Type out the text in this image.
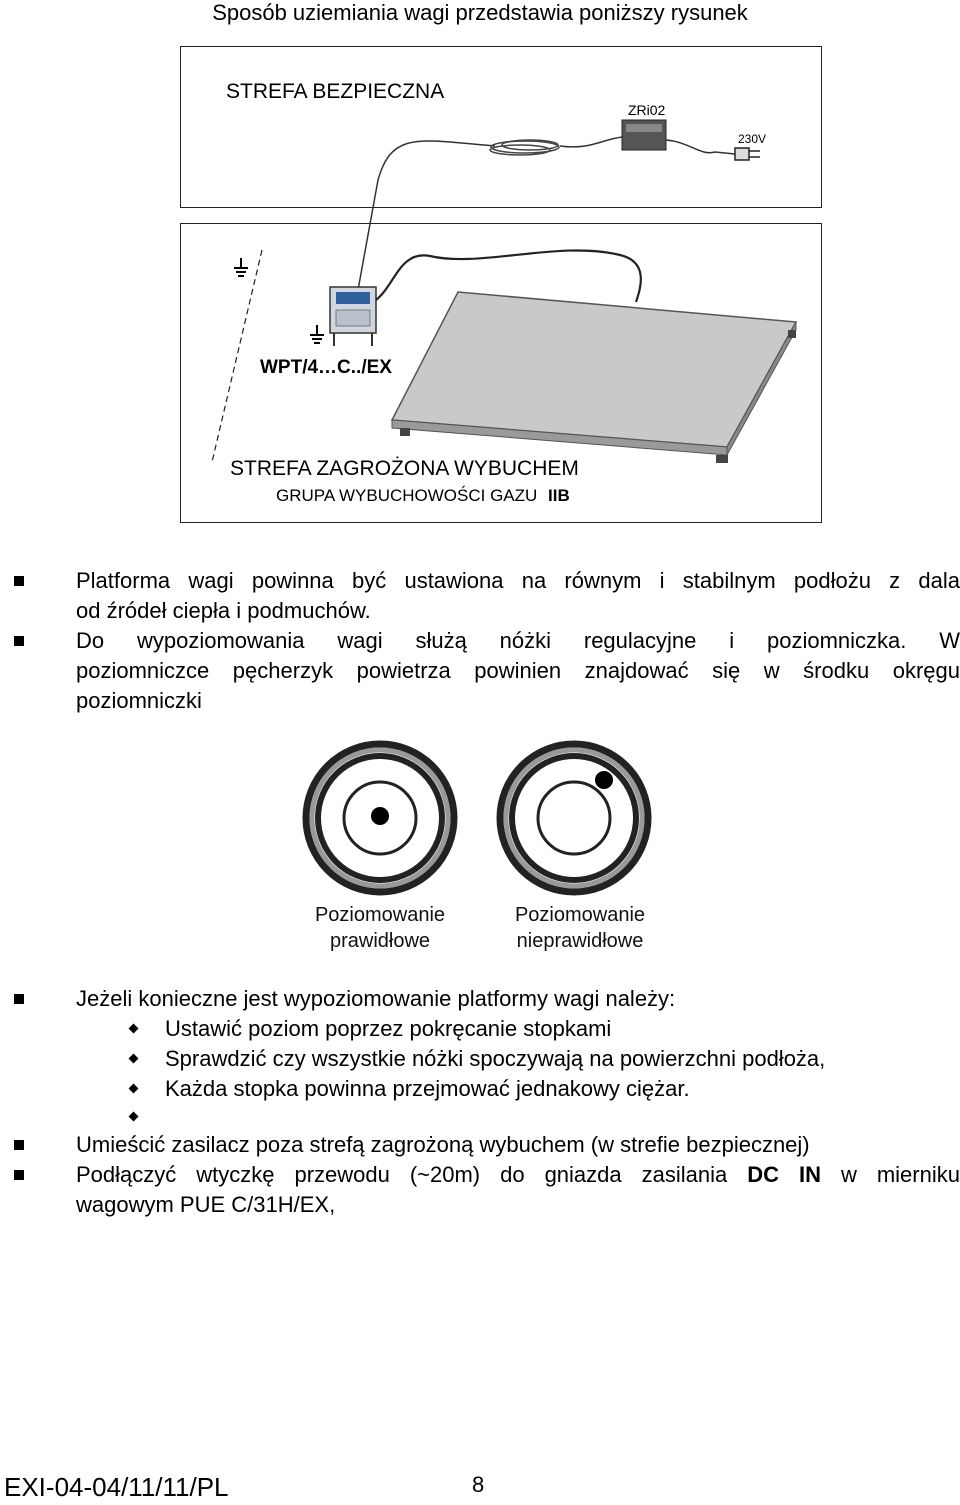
Sposób uziemiania wagi przedstawia poniższy rysunek
STREFA BEZPIECZNA
ZRi02
230V
WPT/4…C../EX
STREFA ZAGROŻONA WYBUCHEM
GRUPA WYBUCHOWOŚCI GAZU IIB
Platforma wagi powinna być ustawiona na równym i stabilnym podłożu z dala
od źródeł ciepła i podmuchów.
Do wypoziomowania wagi służą nóżki regulacyjne i poziomniczka. W
poziomniczce pęcherzyk powietrza powinien znajdować się w środku okręgu
poziomniczki
Poziomowanie
prawidłowe
Poziomowanie
nieprawidłowe
Jeżeli konieczne jest wypoziomowanie platformy wagi należy:
Ustawić poziom poprzez pokręcanie stopkami
Sprawdzić czy wszystkie nóżki spoczywają na powierzchni podłoża,
Każda stopka powinna przejmować jednakowy ciężar.
Umieścić zasilacz poza strefą zagrożoną wybuchem (w strefie bezpiecznej)
Podłączyć wtyczkę przewodu (~20m) do gniazda zasilania DC IN w mierniku
wagowym PUE C/31H/EX,
EXI-04-04/11/11/PL	8
